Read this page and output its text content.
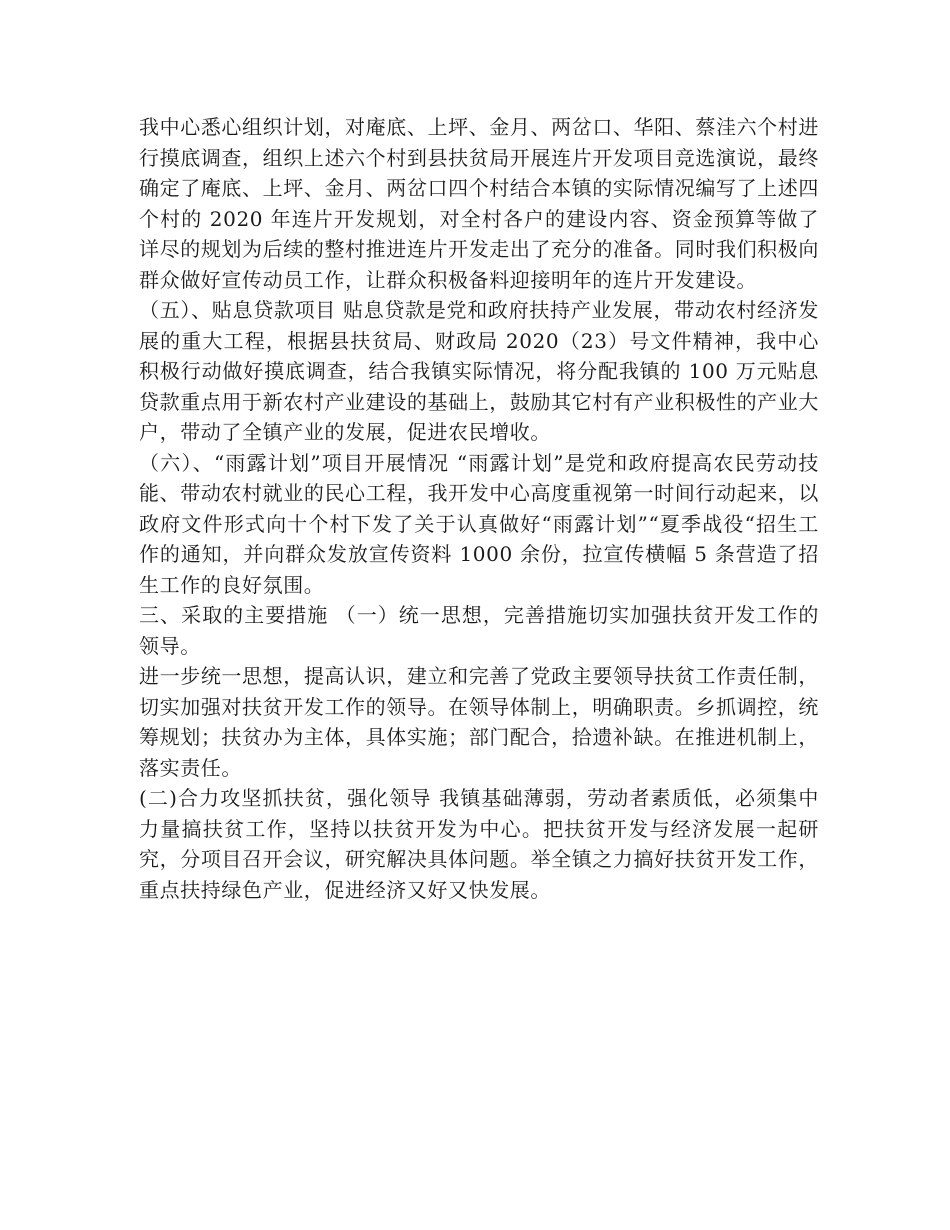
我中心悉心组织计划，对庵底、上坪、金月、两岔口、华阳、蔡洼六个村进行摸底调查，组织上述六个村到县扶贫局开展连片开发项目竞选演说，最终确定了庵底、上坪、金月、两岔口四个村结合本镇的实际情况编写了上述四个村的 2020 年连片开发规划，对全村各户的建设内容、资金预算等做了详尽的规划为后续的整村推进连片开发走出了充分的准备。同时我们积极向群众做好宣传动员工作，让群众积极备料迎接明年的连片开发建设。

（五）、贴息贷款项目 贴息贷款是党和政府扶持产业发展，带动农村经济发展的重大工程，根据县扶贫局、财政局 2020（23）号文件精神，我中心积极行动做好摸底调查，结合我镇实际情况，将分配我镇的 100 万元贴息贷款重点用于新农村产业建设的基础上，鼓励其它村有产业积极性的产业大户，带动了全镇产业的发展，促进农民增收。

（六）、“雨露计划”项目开展情况 “雨露计划”是党和政府提高农民劳动技能、带动农村就业的民心工程，我开发中心高度重视第一时间行动起来，以政府文件形式向十个村下发了关于认真做好“雨露计划”“夏季战役“招生工作的通知，并向群众发放宣传资料 1000 余份，拉宣传横幅 5 条营造了招生工作的良好氛围。

三、采取的主要措施 （一）统一思想，完善措施切实加强扶贫开发工作的领导。

进一步统一思想，提高认识，建立和完善了党政主要领导扶贫工作责任制，切实加强对扶贫开发工作的领导。在领导体制上，明确职责。乡抓调控，统筹规划；扶贫办为主体，具体实施；部门配合，拾遗补缺。在推进机制上，落实责任。

(二)合力攻坚抓扶贫，强化领导 我镇基础薄弱，劳动者素质低，必须集中力量搞扶贫工作，坚持以扶贫开发为中心。把扶贫开发与经济发展一起研究，分项目召开会议，研究解决具体问题。举全镇之力搞好扶贫开发工作，重点扶持绿色产业，促进经济又好又快发展。
